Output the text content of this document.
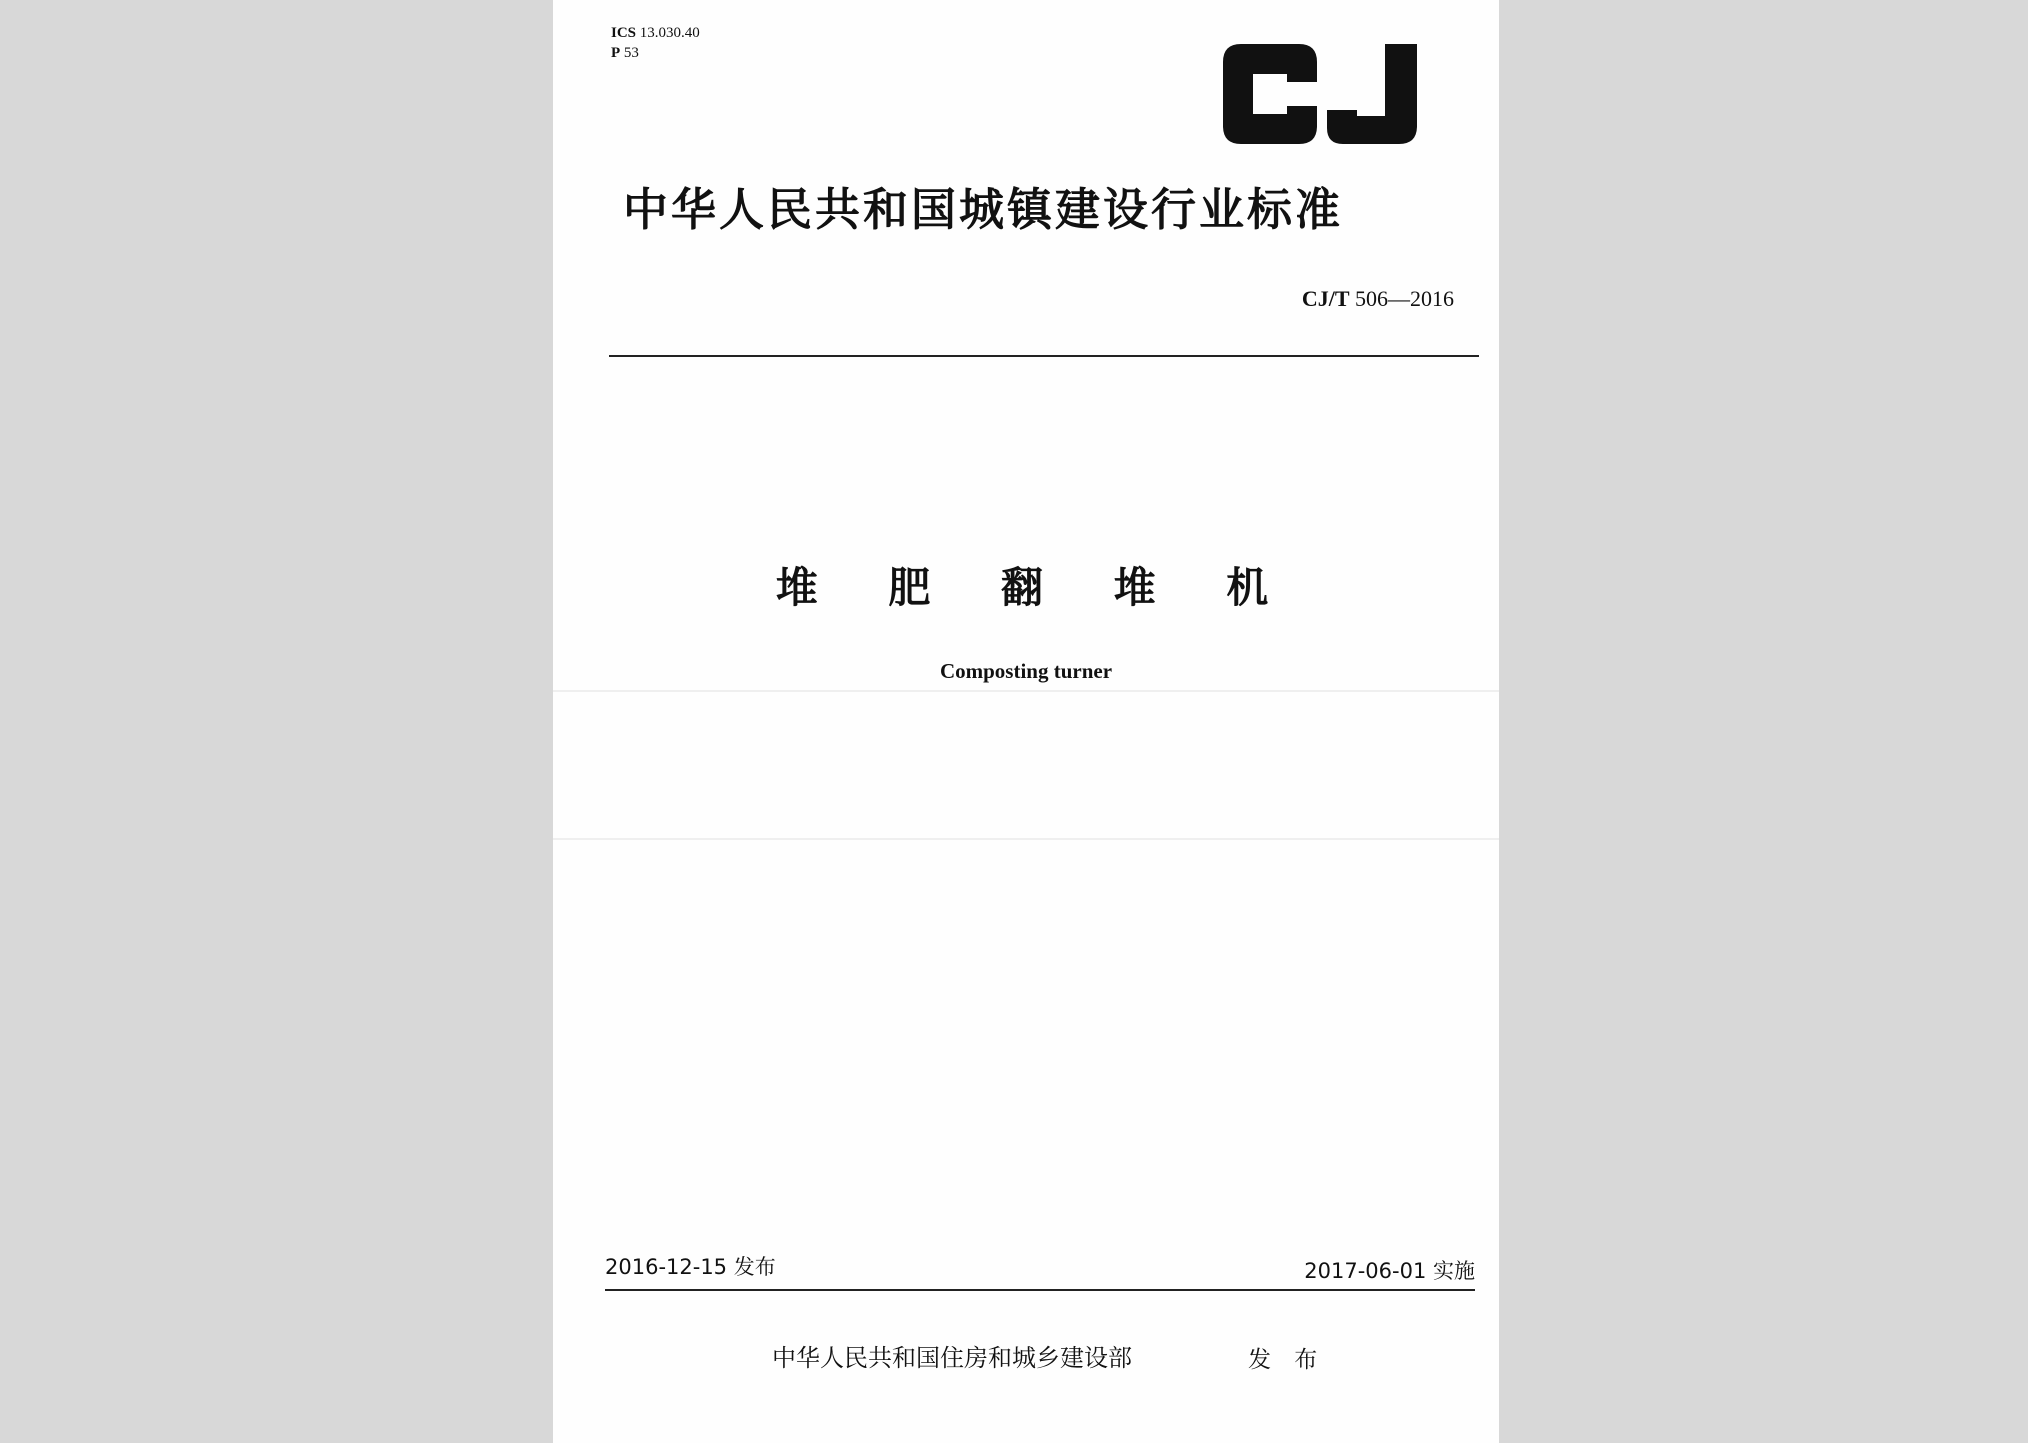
ICS 13.030.40
P 53
中华人民共和国城镇建设行业标准
CJ/T 506—2016
堆 肥 翻 堆 机
Composting turner
2016-12-15 发布	2017-06-01 实施
中华人民共和国住房和城乡建设部	发 布
